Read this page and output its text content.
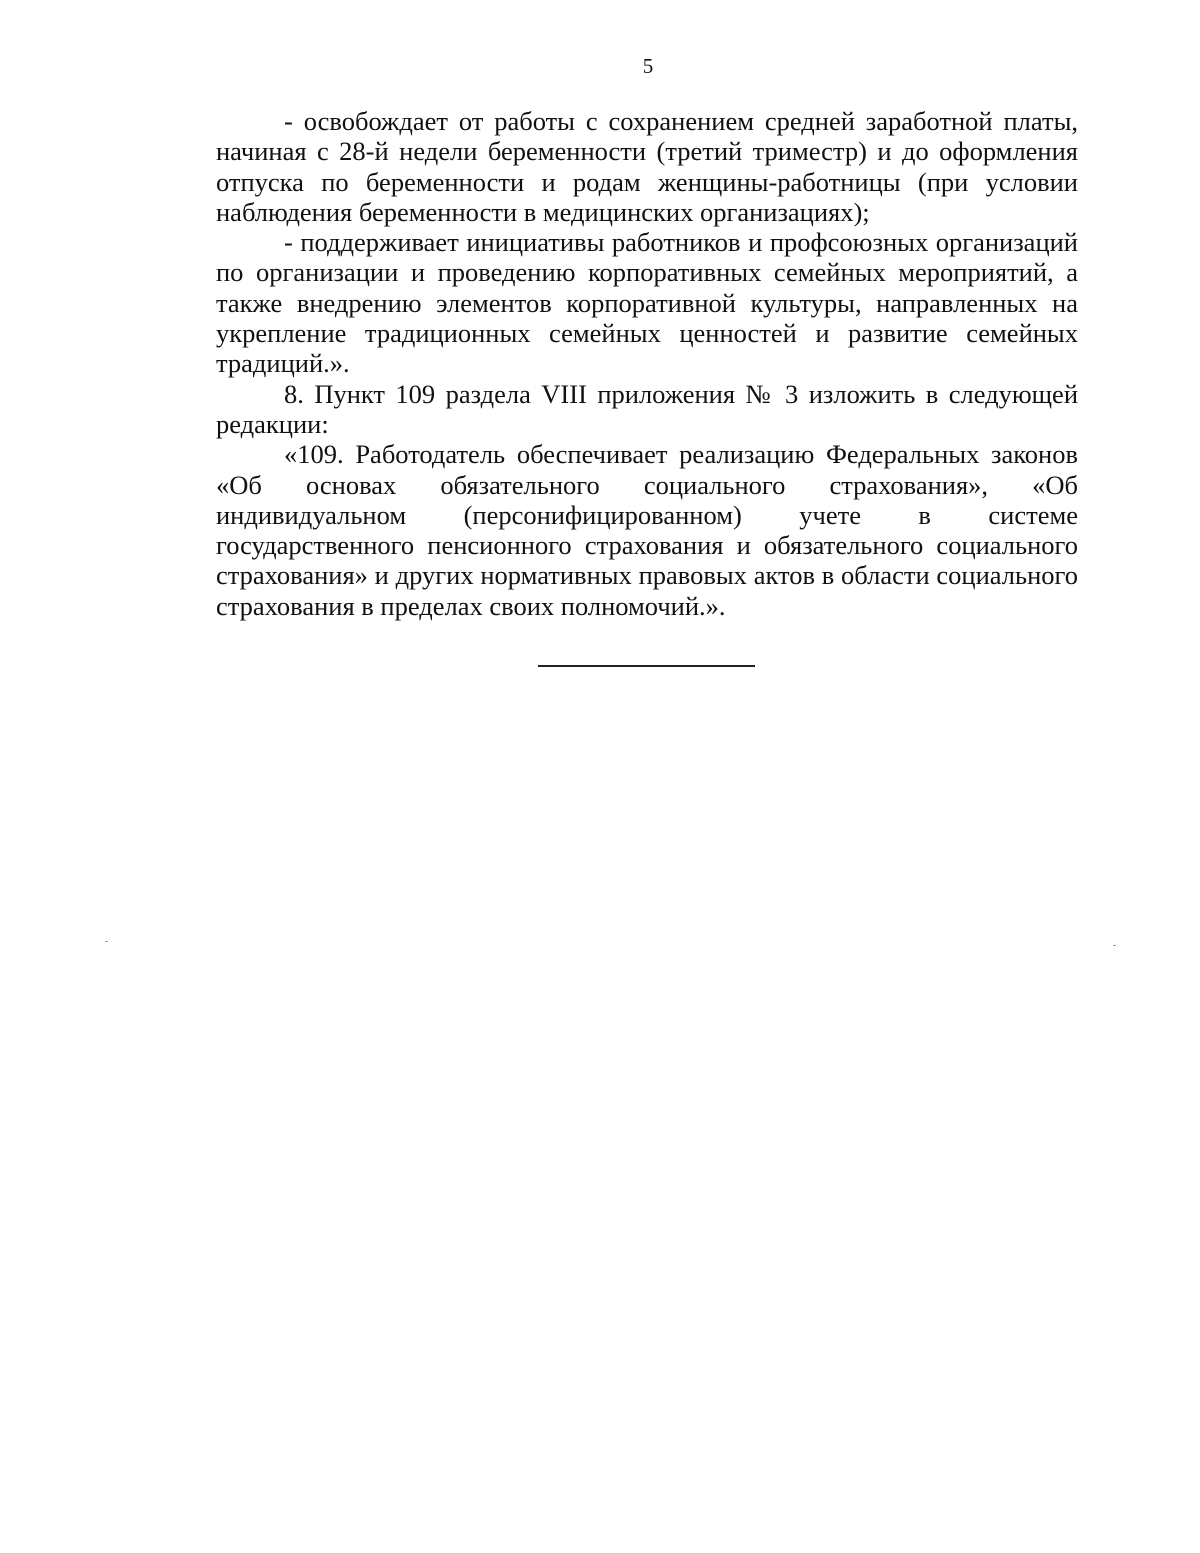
5

- освобождает от работы с сохранением средней заработной платы, начиная с 28-й недели беременности (третий триместр) и до оформления отпуска по беременности и родам женщины-работницы (при условии наблюдения беременности в медицинских организациях);

- поддерживает инициативы работников и профсоюзных организаций по организации и проведению корпоративных семейных мероприятий, а также внедрению элементов корпоративной культуры, направленных на укрепление традиционных семейных ценностей и развитие семейных традиций.».

8. Пункт 109 раздела VIII приложения № 3 изложить в следующей редакции:

«109. Работодатель обеспечивает реализацию Федеральных законов «Об основах обязательного социального страхования», «Об индивидуальном (персонифицированном) учете в системе государственного пенсионного страхования и обязательного социального страхования» и других нормативных правовых актов в области социального страхования в пределах своих полномочий.».
